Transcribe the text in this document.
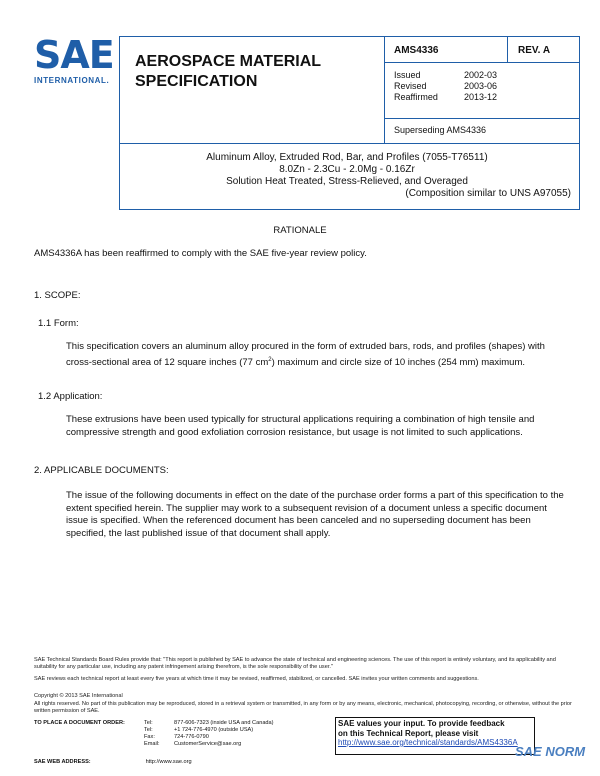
SAE
INTERNATIONAL.
AEROSPACE MATERIAL SPECIFICATION
AMS4336	REV. A
Issued	2002-03
Revised	2003-06
Reaffirmed	2013-12
Superseding AMS4336
Aluminum Alloy, Extruded Rod, Bar, and Profiles (7055-T76511)
8.0Zn - 2.3Cu - 2.0Mg - 0.16Zr
Solution Heat Treated, Stress-Relieved, and Overaged
(Composition similar to UNS A97055)
RATIONALE
AMS4336A has been reaffirmed to comply with the SAE five-year review policy.
1. SCOPE:
1.1 Form:
This specification covers an aluminum alloy procured in the form of extruded bars, rods, and profiles (shapes) with cross-sectional area of 12 square inches (77 $cm^2$) maximum and circle size of 10 inches (254 mm) maximum.
1.2 Application:
These extrusions have been used typically for structural applications requiring a combination of high tensile and compressive strength and good exfoliation corrosion resistance, but usage is not limited to such applications.
2. APPLICABLE DOCUMENTS:
The issue of the following documents in effect on the date of the purchase order forms a part of this specification to the extent specified herein. The supplier may work to a subsequent revision of a document unless a specific document issue is specified. When the referenced document has been canceled and no superseding document has been specified, the last published issue of that document shall apply.
SAE Technical Standards Board Rules provide that: "This report is published by SAE to advance the state of technical and engineering sciences. The use of this report is entirely voluntary, and its applicability and suitability for any particular use, including any patent infringement arising therefrom, is the sole responsibility of the user."
SAE reviews each technical report at least every five years at which time it may be revised, reaffirmed, stabilized, or cancelled. SAE invites your written comments and suggestions.
Copyright © 2013 SAE International
All rights reserved. No part of this publication may be reproduced, stored in a retrieval system or transmitted, in any form or by any means, electronic, mechanical, photocopying, recording, or otherwise, without the prior written permission of SAE.
TO PLACE A DOCUMENT ORDER:	Tel:	877-606-7323 (inside USA and Canada)
Tel:	+1 724-776-4970 (outside USA)
Fax:	724-776-0790
Email:	CustomerService@sae.org
SAE WEB ADDRESS:	http://www.sae.org
SAE values your input. To provide feedback
on this Technical Report, please visit
http://www.sae.org/technical/standards/AMS4336A
SAE NORM
